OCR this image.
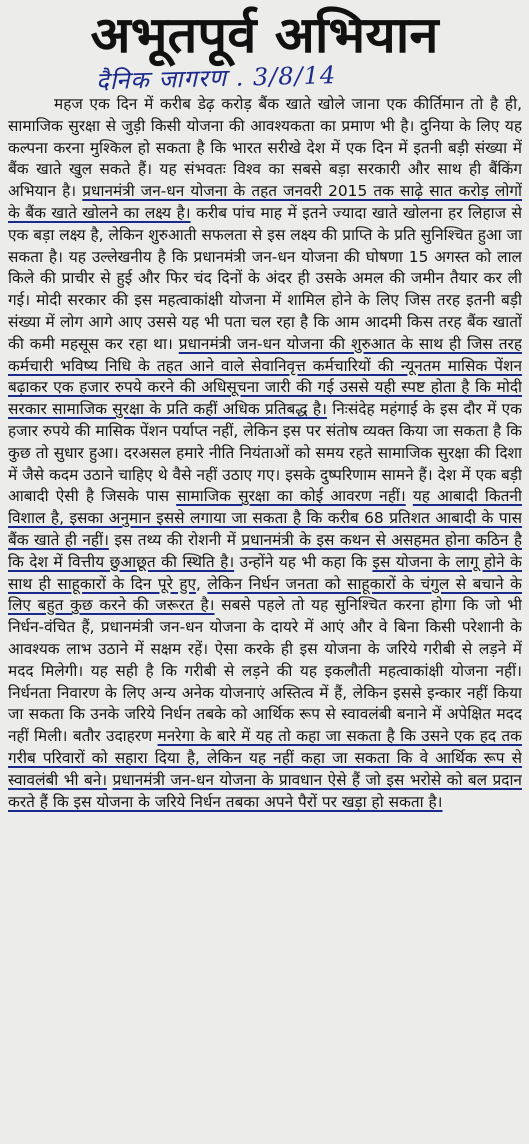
अभूतपूर्व अभियान
दैनिक जागरण . 3/8/14

महज एक दिन में करीब डेढ़ करोड़ बैंक खाते खोले जाना एक कीर्तिमान तो है ही, सामाजिक सुरक्षा से जुड़ी किसी योजना की आवश्यकता का प्रमाण भी है। दुनिया के लिए यह कल्पना करना मुश्किल हो सकता है कि भारत सरीखे देश में एक दिन में इतनी बड़ी संख्या में बैंक खाते खुल सकते हैं। यह संभवतः विश्व का सबसे बड़ा सरकारी और साथ ही बैंकिंग अभियान है। प्रधानमंत्री जन-धन योजना के तहत जनवरी 2015 तक साढ़े सात करोड़ लोगों के बैंक खाते खोलने का लक्ष्य है। करीब पांच माह में इतने ज्यादा खाते खोलना हर लिहाज से एक बड़ा लक्ष्य है, लेकिन शुरुआती सफलता से इस लक्ष्य की प्राप्ति के प्रति सुनिश्चित हुआ जा सकता है। यह उल्लेखनीय है कि प्रधानमंत्री जन-धन योजना की घोषणा 15 अगस्त को लाल किले की प्राचीर से हुई और फिर चंद दिनों के अंदर ही उसके अमल की जमीन तैयार कर ली गई। मोदी सरकार की इस महत्वाकांक्षी योजना में शामिल होने के लिए जिस तरह इतनी बड़ी संख्या में लोग आगे आए उससे यह भी पता चल रहा है कि आम आदमी किस तरह बैंक खातों की कमी महसूस कर रहा था। प्रधानमंत्री जन-धन योजना की शुरुआत के साथ ही जिस तरह कर्मचारी भविष्य निधि के तहत आने वाले सेवानिवृत्त कर्मचारियों की न्यूनतम मासिक पेंशन बढ़ाकर एक हजार रुपये करने की अधिसूचना जारी की गई उससे यही स्पष्ट होता है कि मोदी सरकार सामाजिक सुरक्षा के प्रति कहीं अधिक प्रतिबद्ध है। निःसंदेह महंगाई के इस दौर में एक हजार रुपये की मासिक पेंशन पर्याप्त नहीं, लेकिन इस पर संतोष व्यक्त किया जा सकता है कि कुछ तो सुधार हुआ। दरअसल हमारे नीति नियंताओं को समय रहते सामाजिक सुरक्षा की दिशा में जैसे कदम उठाने चाहिए थे वैसे नहीं उठाए गए। इसके दुष्परिणाम सामने हैं। देश में एक बड़ी आबादी ऐसी है जिसके पास सामाजिक सुरक्षा का कोई आवरण नहीं। यह आबादी कितनी विशाल है, इसका अनुमान इससे लगाया जा सकता है कि करीब 68 प्रतिशत आबादी के पास बैंक खाते ही नहीं। इस तथ्य की रोशनी में प्रधानमंत्री के इस कथन से असहमत होना कठिन है कि देश में वित्तीय छुआछूत की स्थिति है। उन्होंने यह भी कहा कि इस योजना के लागू होने के साथ ही साहूकारों के दिन पूरे हुए, लेकिन निर्धन जनता को साहूकारों के चंगुल से बचाने के लिए बहुत कुछ करने की जरूरत है। सबसे पहले तो यह सुनिश्चित करना होगा कि जो भी निर्धन-वंचित हैं, प्रधानमंत्री जन-धन योजना के दायरे में आएं और वे बिना किसी परेशानी के आवश्यक लाभ उठाने में सक्षम रहें। ऐसा करके ही इस योजना के जरिये गरीबी से लड़ने में मदद मिलेगी। यह सही है कि गरीबी से लड़ने की यह इकलौती महत्वाकांक्षी योजना नहीं। निर्धनता निवारण के लिए अन्य अनेक योजनाएं अस्तित्व में हैं, लेकिन इससे इन्कार नहीं किया जा सकता कि उनके जरिये निर्धन तबके को आर्थिक रूप से स्वावलंबी बनाने में अपेक्षित मदद नहीं मिली। बतौर उदाहरण मनरेगा के बारे में यह तो कहा जा सकता है कि उसने एक हद तक गरीब परिवारों को सहारा दिया है, लेकिन यह नहीं कहा जा सकता कि वे आर्थिक रूप से स्वावलंबी भी बने। प्रधानमंत्री जन-धन योजना के प्रावधान ऐसे हैं जो इस भरोसे को बल प्रदान करते हैं कि इस योजना के जरिये निर्धन तबका अपने पैरों पर खड़ा हो सकता है।
